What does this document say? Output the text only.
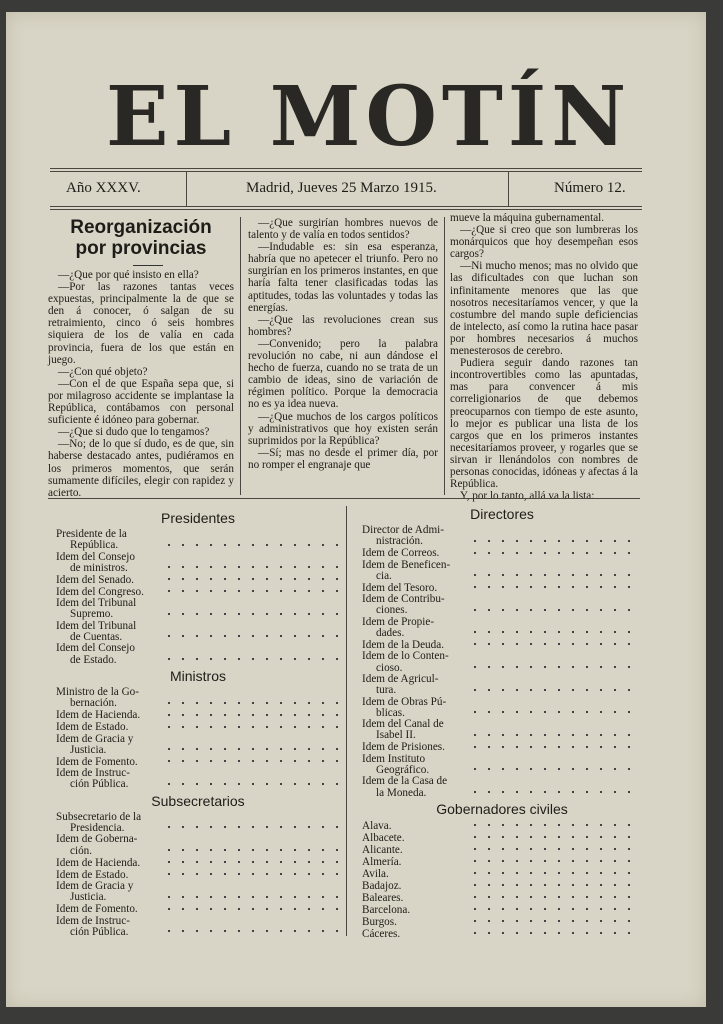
EL MOTÍN
Año XXXV.	Madrid, Jueves 25 Marzo 1915.	Número 12.
Reorganización
por provincias

—¿Que por qué insisto en ella?

—Por las razones tantas veces expuestas, principalmente la de que se den á conocer, ó salgan de su retraimiento, cinco ó seis hombres siquiera de los de valía en cada provincia, fuera de los que están en juego.

—¿Con qué objeto?

—Con el de que España sepa que, si por milagroso accidente se implantase la República, contábamos con personal suficiente é idóneo para gobernar.

—¿Que si dudo que lo tengamos?

—No; de lo que sí dudo, es de que, sin haberse destacado antes, pudiéramos en los primeros momentos, que serán sumamente difíciles, elegir con rapidez y acierto.

—¿Que surgirían hombres nuevos de talento y de valía en todos sentidos?

—Indudable es: sin esa esperanza, habría que no apetecer el triunfo. Pero no surgirían en los primeros instantes, en que haría falta tener clasificadas todas las aptitudes, todas las voluntades y todas las energías.

—¿Que las revoluciones crean sus hombres?

—Convenido; pero la palabra revolución no cabe, ni aun dándose el hecho de fuerza, cuando no se trata de un cambio de ideas, sino de variación de régimen político. Porque la democracia no es ya idea nueva.

—¿Que muchos de los cargos políticos y administrativos que hoy existen serán suprimidos por la República?

—Sí; mas no desde el primer día, por no romper el engranaje que

mueve la máquina gubernamental.

—¿Que si creo que son lumbreras los monárquicos que hoy desempeñan esos cargos?

—Ni mucho menos; mas no olvido que las dificultades con que luchan son infinitamente menores que las que nosotros necesitaríamos vencer, y que la costumbre del mando suple deficiencias de intelecto, así como la rutina hace pasar por hombres necesarios á muchos menesterosos de cerebro.

Pudiera seguir dando razones tan incontrovertibles como las apuntadas, mas para convencer á mis correligionarios de que debemos preocuparnos con tiempo de este asunto, lo mejor es publicar una lista de los cargos que en los primeros instantes necesitaríamos proveer, y rogarles que se sirvan ir llenándolos con nombres de personas conocidas, idóneas y afectas á la República.

Y, por lo tanto, allá va la lista:

Presidentes
Presidente de la
República.
Idem del Consejo
de ministros.
Idem del Senado.
Idem del Congreso.
Idem del Tribunal
Supremo.
Idem del Tribunal
de Cuentas.
Idem del Consejo
de Estado.
Ministros
Ministro de la Go-
bernación.
Idem de Hacienda.
Idem de Estado.
Idem de Gracia y
Justicia.
Idem de Fomento.
Idem de Instruc-
ción Pública.
Subsecretarios
Subsecretario de la
Presidencia.
Idem de Goberna-
ción.
Idem de Hacienda.
Idem de Estado.
Idem de Gracia y
Justicia.
Idem de Fomento.
Idem de Instruc-
ción Pública.
Directores
Director de Admi-
nistración.
Idem de Correos.
Idem de Beneficen-
cia.
Idem del Tesoro.
Idem de Contribu-
ciones.
Idem de Propie-
dades.
Idem de la Deuda.
Idem de lo Conten-
cioso.
Idem de Agricul-
tura.
Idem de Obras Pú-
blicas.
Idem del Canal de
Isabel II.
Idem de Prisiones.
Idem Instituto
Geográfico.
Idem de la Casa de
la Moneda.
Gobernadores civiles
Alava.
Albacete.
Alicante.
Almería.
Avila.
Badajoz.
Baleares.
Barcelona.
Burgos.
Cáceres.
